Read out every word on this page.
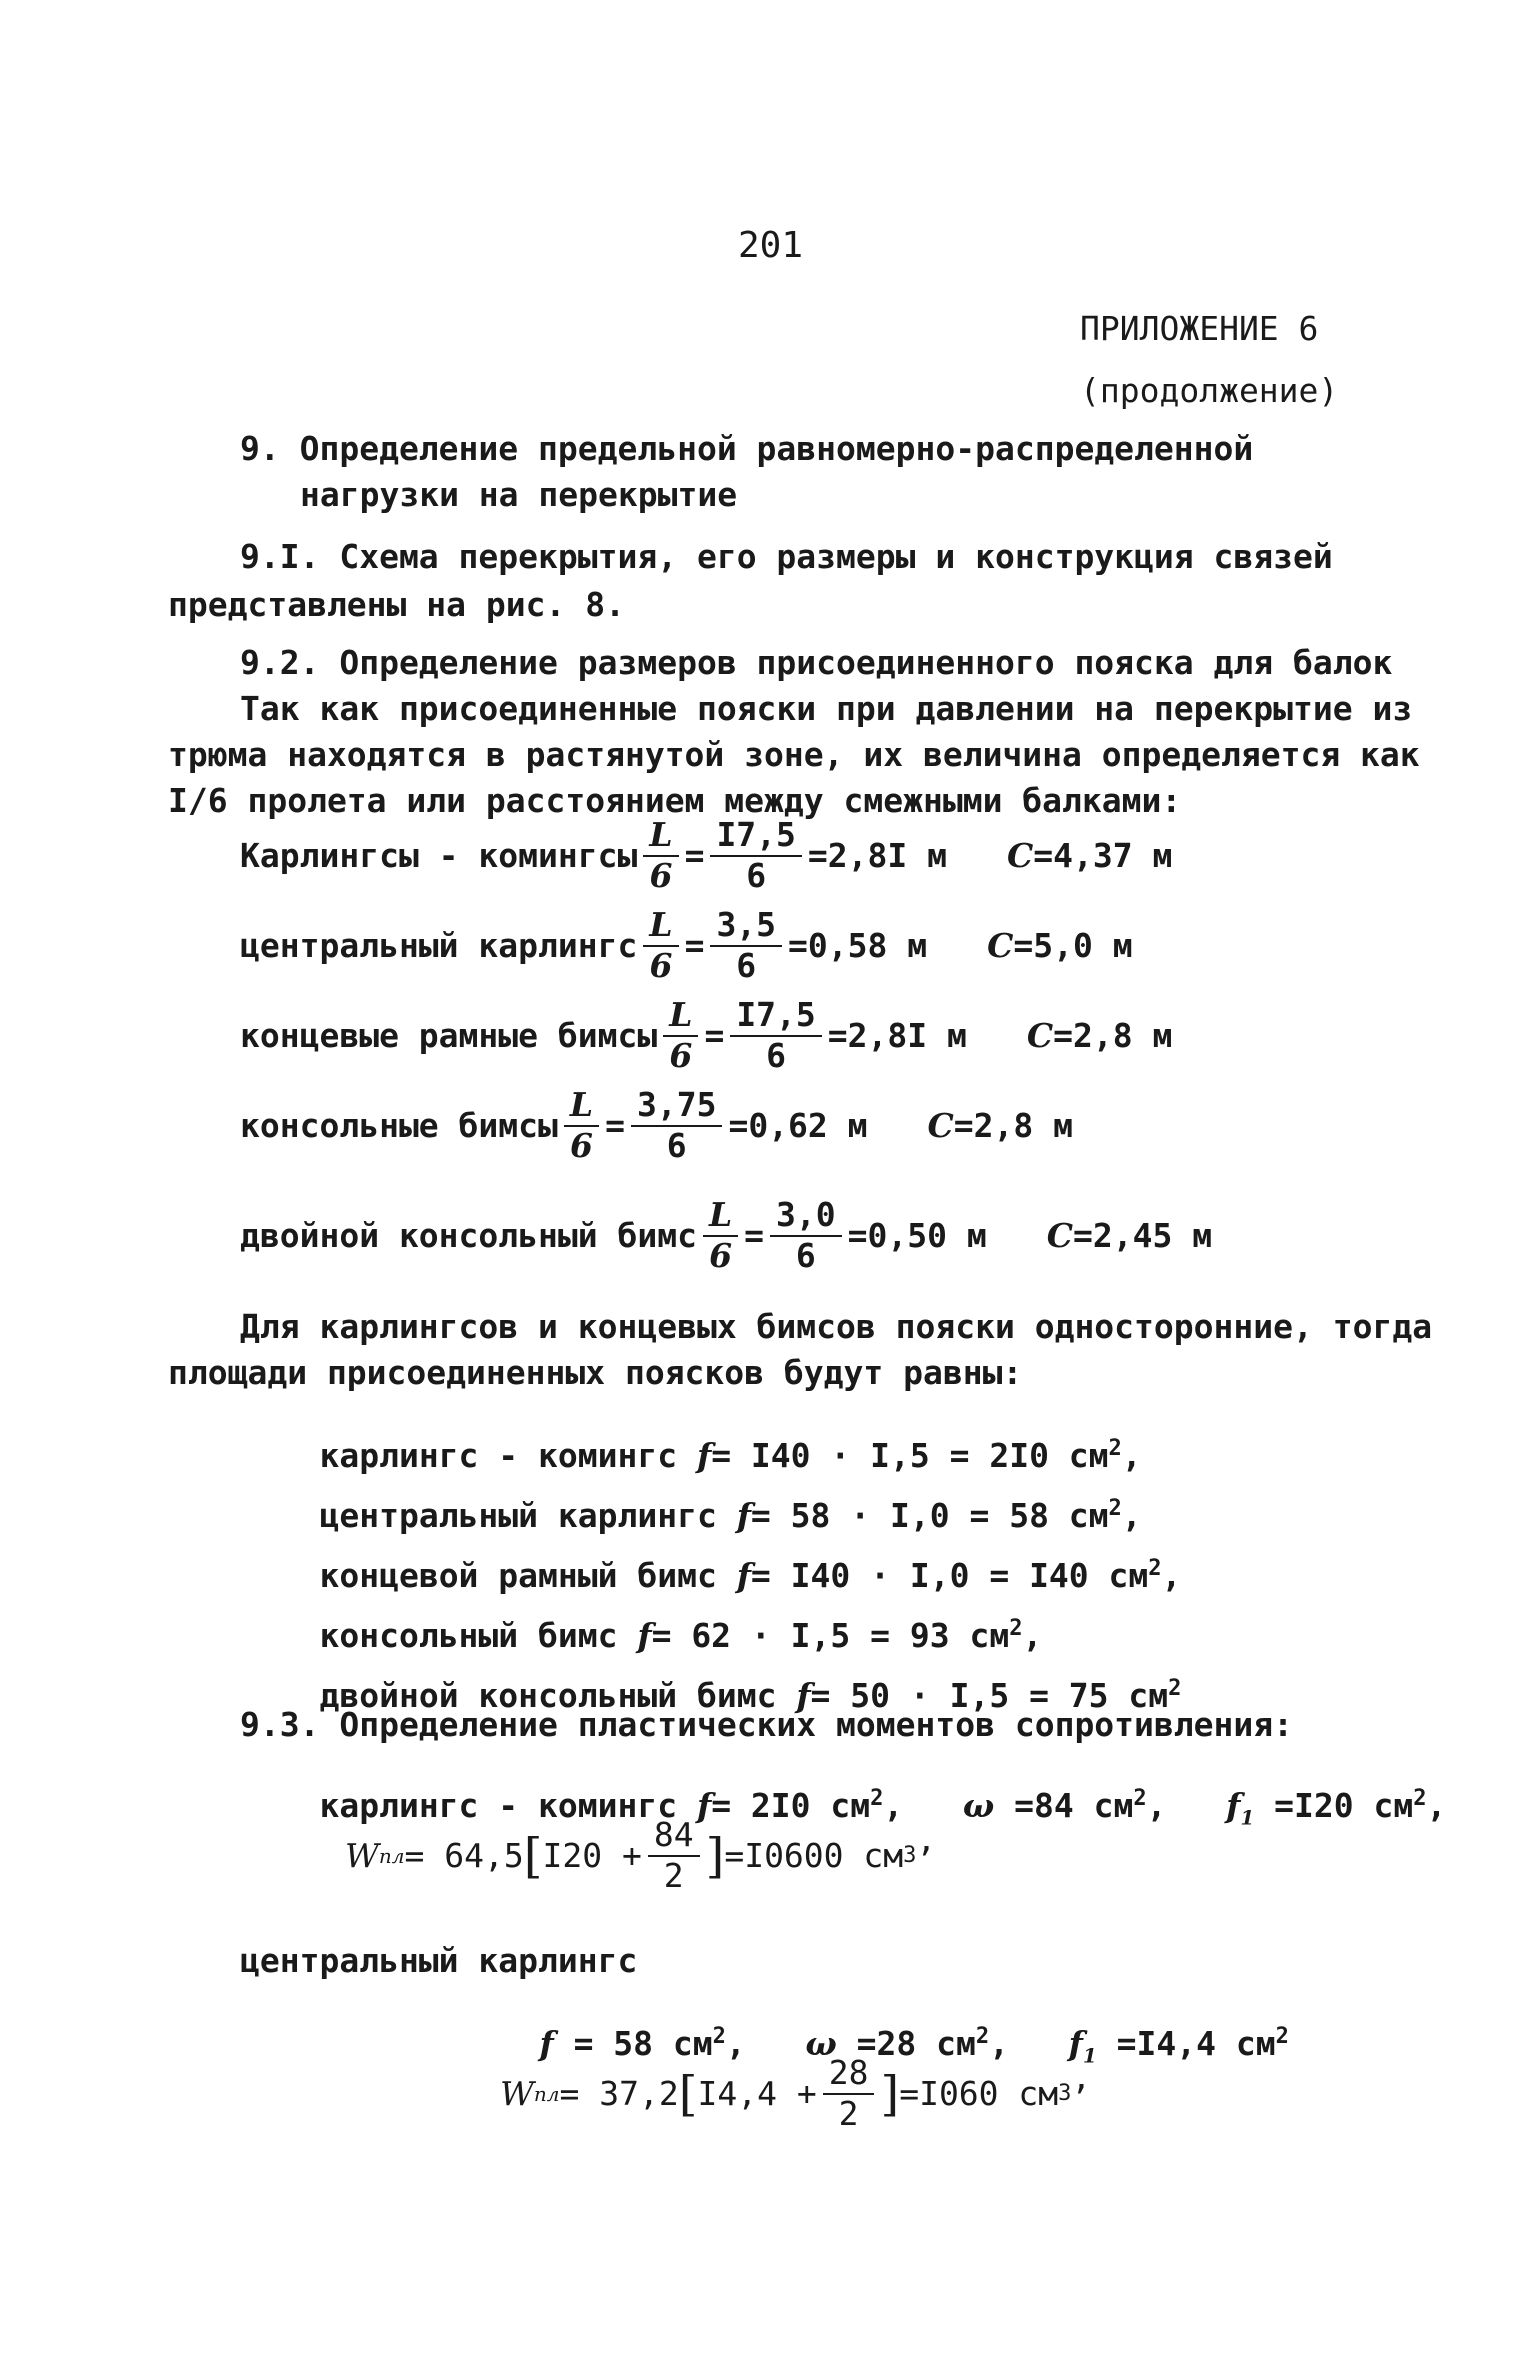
201
ПРИЛОЖЕНИЕ 6
(продолжение)
9. Определение предельной равномерно-распределенной
нагрузки на перекрытие
9.I. Схема перекрытия, его размеры и конструкция связей
представлены на рис. 8.
9.2. Определение размеров присоединенного пояска для балок
Так как присоединенные пояски при давлении на перекрытие из
трюма находятся в растянутой зоне, их величина определяется как
I/6 пролета или расстоянием между смежными балками:
Карлингсы - комингсы $\frac{L}{6} = \frac{I7,5}{6} =2,8I$ м C =4,37 м
центральный карлингс $\frac{L}{6} = \frac{3,5}{6} =0,58$ м C =5,0 м
концевые рамные бимсы $\frac{L}{6} = \frac{I7,5}{6} =2,8I$ м C =2,8 м
консольные бимсы $\frac{L}{6} = \frac{3,75}{6} =0,62$ м C =2,8 м
двойной консольный бимс $\frac{L}{6} = \frac{3,0}{6} =0,50$ м C =2,45 м
Для карлингсов и концевых бимсов пояски односторонние, тогда
площади присоединенных поясков будут равны:

карлингс - комингс f= I40 · I,5 = 2I0 $см^2$,

центральный карлингс f= 58 · I,0 = 58 $см^2$,

концевой рамный бимс f= I40 · I,0 = I40 $см^2$,

консольный бимс f= 62 · I,5 = 93 $см^2$,

двойной консольный бимс f= 50 · I,5 = 75 $см^2$

9.3. Определение пластических моментов сопротивления:

карлингс - комингс f= 2I0 $см^2$,   ω =84 $см^2$,   $f_1 =I20$ $см^2$,

W пл = 64,5 [ $I20 + \frac{84}{2}$ ] =I0600 см 3 ,

центральный карлингс

f = 58 $см^2$,   ω =28 $см^2$,   $f_1 =I4,4$ $см^2$

W пл = 37,2 [ $I4,4 + \frac{28}{2}$ ] =I060 см 3 ,
